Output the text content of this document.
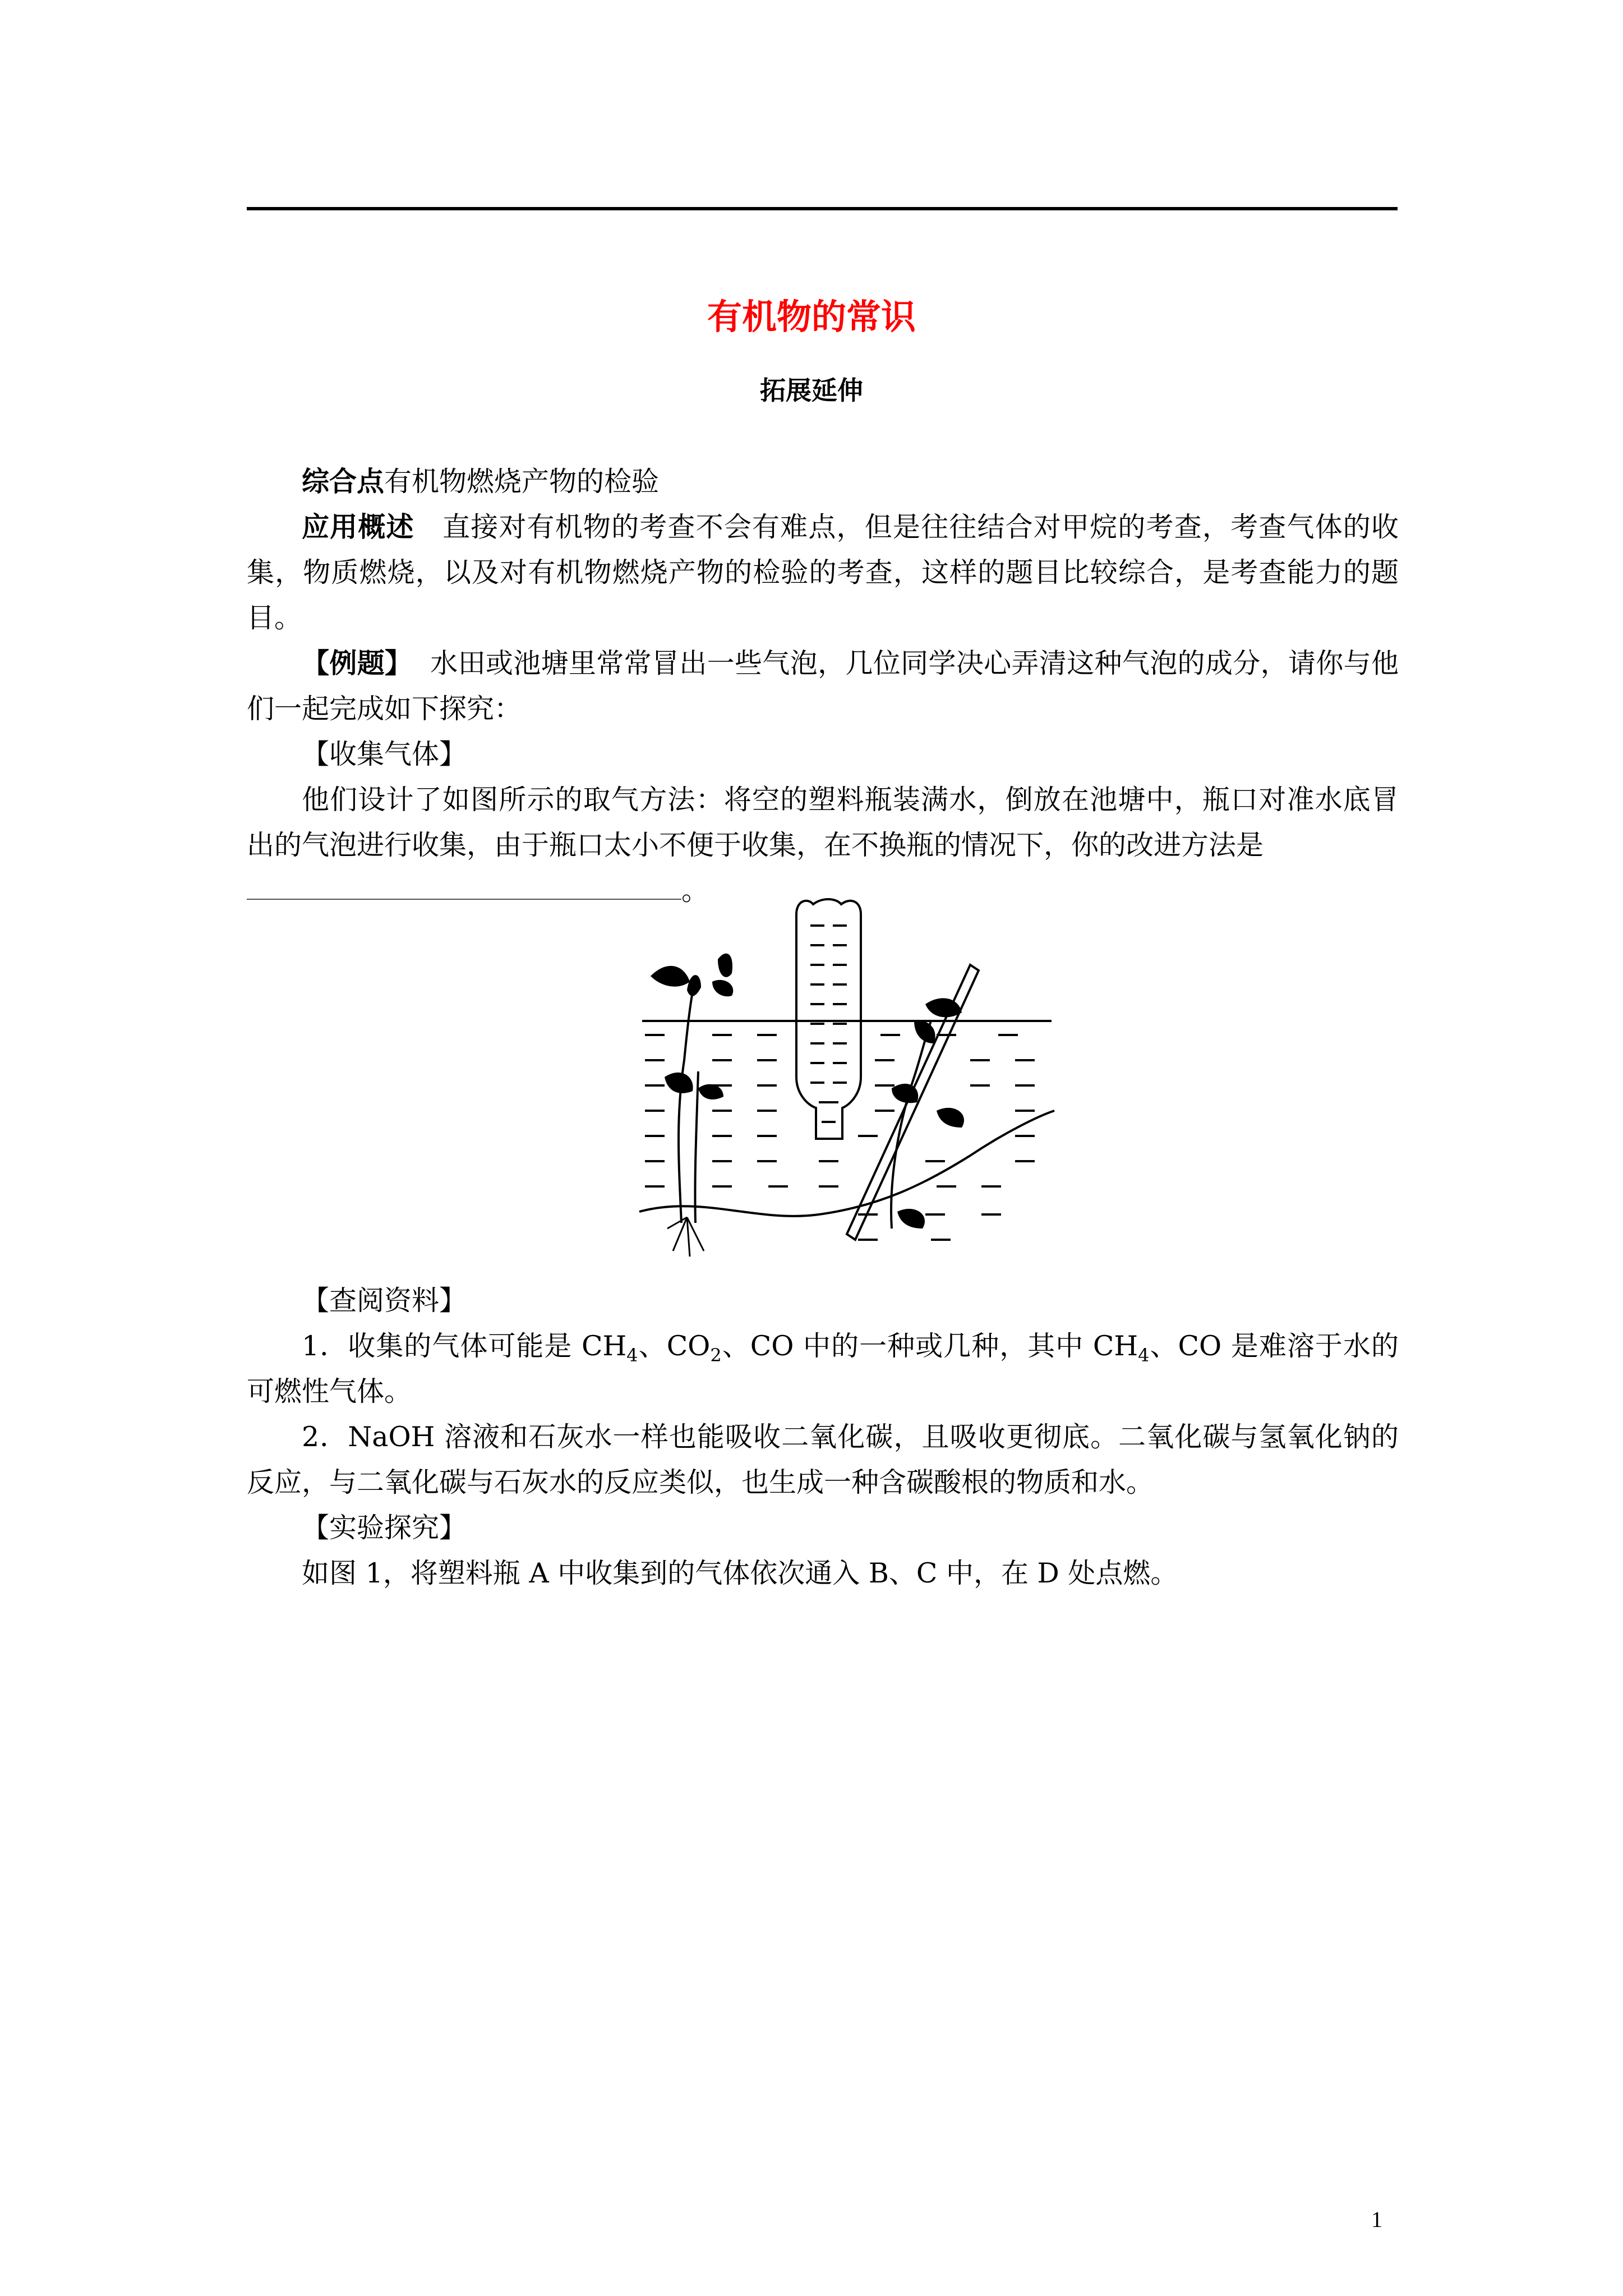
有机物的常识
拓展延伸

综合点有机物燃烧产物的检验

应用概述 直接对有机物的考查不会有难点，但是往往结合对甲烷的考查，考查气体的收集，物质燃烧，以及对有机物燃烧产物的检验的考查，这样的题目比较综合，是考查能力的题目。

【例题】 水田或池塘里常常冒出一些气泡，几位同学决心弄清这种气泡的成分，请你与他们一起完成如下探究：

【收集气体】

他们设计了如图所示的取气方法：将空的塑料瓶装满水，倒放在池塘中，瓶口对准水底冒出的气泡进行收集，由于瓶口太小不便于收集，在不换瓶的情况下，你的改进方法是
。

【查阅资料】

1．收集的气体可能是 $CH_4$、$CO_2$、CO 中的一种或几种，其中 $CH_4$、CO 是难溶于水的可燃性气体。

2．NaOH 溶液和石灰水一样也能吸收二氧化碳，且吸收更彻底。二氧化碳与氢氧化钠的反应，与二氧化碳与石灰水的反应类似，也生成一种含碳酸根的物质和水。

【实验探究】

如图 1，将塑料瓶 A 中收集到的气体依次通入 B、C 中，在 D 处点燃。

1
